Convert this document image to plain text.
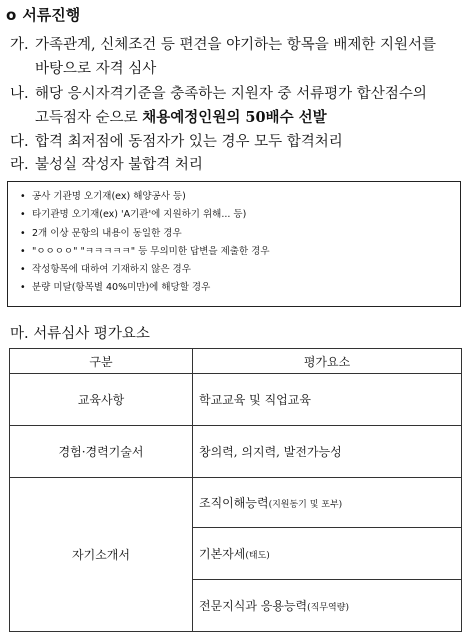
o 서류진행
가. 가족관계, 신체조건 등 편견을 야기하는 항목을 배제한 지원서를
바탕으로 자격 심사
나. 해당 응시자격기준을 충족하는 지원자 중 서류평가 합산점수의
고득점자 순으로 채용예정인원의 50배수 선발
다. 합격 최저점에 동점자가 있는 경우 모두 합격처리
라. 불성실 작성자 불합격 처리
• 공사 기관명 오기재(ex) 해양공사 등)
• 타기관명 오기재(ex) 'A기관'에 지원하기 위해... 등)
• 2개 이상 문항의 내용이 동일한 경우
• "ㅇㅇㅇㅇ" "ㅋㅋㅋㅋㅋ" 등 무의미한 답변을 제출한 경우
• 작성항목에 대하여 기재하지 않은 경우
• 분량 미달(항목별 40%미만)에 해당할 경우
마. 서류심사 평가요소
구분	평가요소
교육사항	학교교육 및 직업교육
경험·경력기술서	창의력, 의지력, 발전가능성
자기소개서	조직이해능력(지원동기 및 포부)
	기본자세(태도)
	전문지식과 응용능력(직무역량)
